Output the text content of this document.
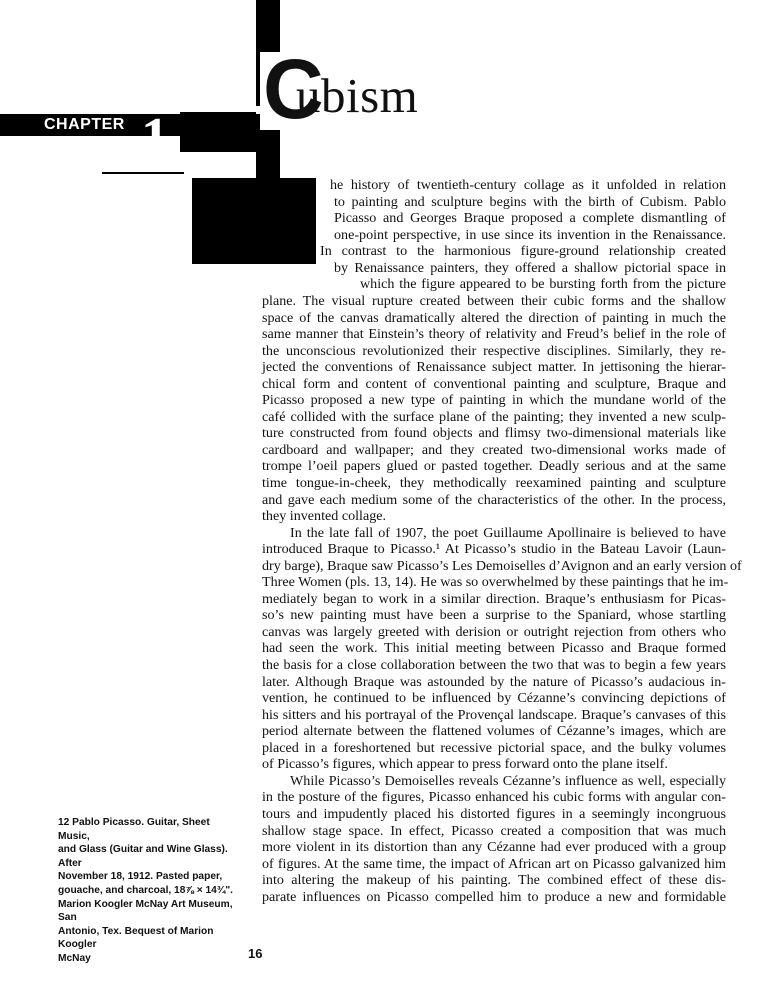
CHAPTER 1
C
ubism
he history of twentieth-century collage as it unfolded in relation
to painting and sculpture begins with the birth of Cubism. Pablo
Picasso and Georges Braque proposed a complete dismantling of
one-point perspective, in use since its invention in the Renaissance.
In contrast to the harmonious figure-ground relationship created
by Renaissance painters, they offered a shallow pictorial space in
which the figure appeared to be bursting forth from the picture
plane. The visual rupture created between their cubic forms and the shallow
space of the canvas dramatically altered the direction of painting in much the
same manner that Einstein’s theory of relativity and Freud’s belief in the role of
the unconscious revolutionized their respective disciplines. Similarly, they re-
jected the conventions of Renaissance subject matter. In jettisoning the hierar-
chical form and content of conventional painting and sculpture, Braque and
Picasso proposed a new type of painting in which the mundane world of the
café collided with the surface plane of the painting; they invented a new sculp-
ture constructed from found objects and flimsy two-dimensional materials like
cardboard and wallpaper; and they created two-dimensional works made of
trompe l’oeil papers glued or pasted together. Deadly serious and at the same
time tongue-in-cheek, they methodically reexamined painting and sculpture
and gave each medium some of the characteristics of the other. In the process,
they invented collage.
In the late fall of 1907, the poet Guillaume Apollinaire is believed to have
introduced Braque to Picasso.¹ At Picasso’s studio in the Bateau Lavoir (Laun-
dry barge), Braque saw Picasso’s Les Demoiselles d’Avignon and an early version of
Three Women (pls. 13, 14). He was so overwhelmed by these paintings that he im-
mediately began to work in a similar direction. Braque’s enthusiasm for Picas-
so’s new painting must have been a surprise to the Spaniard, whose startling
canvas was largely greeted with derision or outright rejection from others who
had seen the work. This initial meeting between Picasso and Braque formed
the basis for a close collaboration between the two that was to begin a few years
later. Although Braque was astounded by the nature of Picasso’s audacious in-
vention, he continued to be influenced by Cézanne’s convincing depictions of
his sitters and his portrayal of the Provençal landscape. Braque’s canvases of this
period alternate between the flattened volumes of Cézanne’s images, which are
placed in a foreshortened but recessive pictorial space, and the bulky volumes
of Picasso’s figures, which appear to press forward onto the plane itself.
While Picasso’s Demoiselles reveals Cézanne’s influence as well, especially
in the posture of the figures, Picasso enhanced his cubic forms with angular con-
tours and impudently placed his distorted figures in a seemingly incongruous
shallow stage space. In effect, Picasso created a composition that was much
more violent in its distortion than any Cézanne had ever produced with a group
of figures. At the same time, the impact of African art on Picasso galvanized him
into altering the makeup of his painting. The combined effect of these dis-
parate influences on Picasso compelled him to produce a new and formidable
12 Pablo Picasso. Guitar, Sheet Music,
and Glass (Guitar and Wine Glass). After
November 18, 1912. Pasted paper,
gouache, and charcoal, 18⅞ × 14¾".
Marion Koogler McNay Art Museum, San
Antonio, Tex. Bequest of Marion Koogler
McNay	16
